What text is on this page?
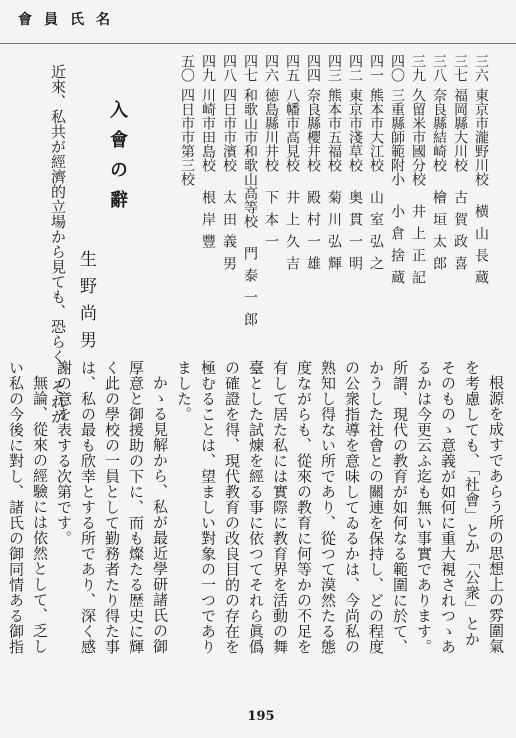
會員氏名
三六東京市瀧野川校横山長蔵
三七福岡縣大川校古賀政喜
三八奈良縣結崎校檜垣太郎
三九久留米市國分校井上正記
四〇三重縣師範附小小倉捨蔵
四一熊本市大江校山室弘之
四二東京市淺草校奥貫一明
四三熊本市五福校菊川弘輝
四四奈良縣櫻井校殿村一雄
四五八幡市高見校井上久吉
四六徳島縣川井校下本一
四七和歌山市和歌山高等校門泰一郎
四八四日市市濱校太田義男
四九川崎市田島校根岸豐
五〇四日市市第三校
入會の辭
生野尚男
近來、私共が經濟的立場から見ても、恐らく、それが
195

根源を成すであらう所の思想上の雰圍氣を考慮しても、「社會」とか「公衆」とかそのものゝ意義が如何に重大視されつゝあるかは今更云ふ迄も無い事實であります。所謂、現代の教育が如何なる範圍に於て、かうした社會との關連を保持し、どの程度の公衆指導を意味してゐるかは、今尚私の熟知し得ない所であり、從つて漠然たる態度ながらも、從來の教育に何等かの不足を有して居た私には實際に教育界を活動の舞臺とした試煉を經る事に依つてそれら眞僞の確證を得、現代教育の改良目的の存在を極むることは、望ましい對象の一つでありました。

かゝる見解から、私が最近學研諸氏の御厚意と御援助の下に、而も燦たる歴史に輝く此の學校の一員として勤務者たり得た事は、私の最も欣幸とする所であり、深く感謝の意を表する次第です。

無論、從來の經驗には依然として、乏しい私の今後に對し、諸氏の御同情ある御指
